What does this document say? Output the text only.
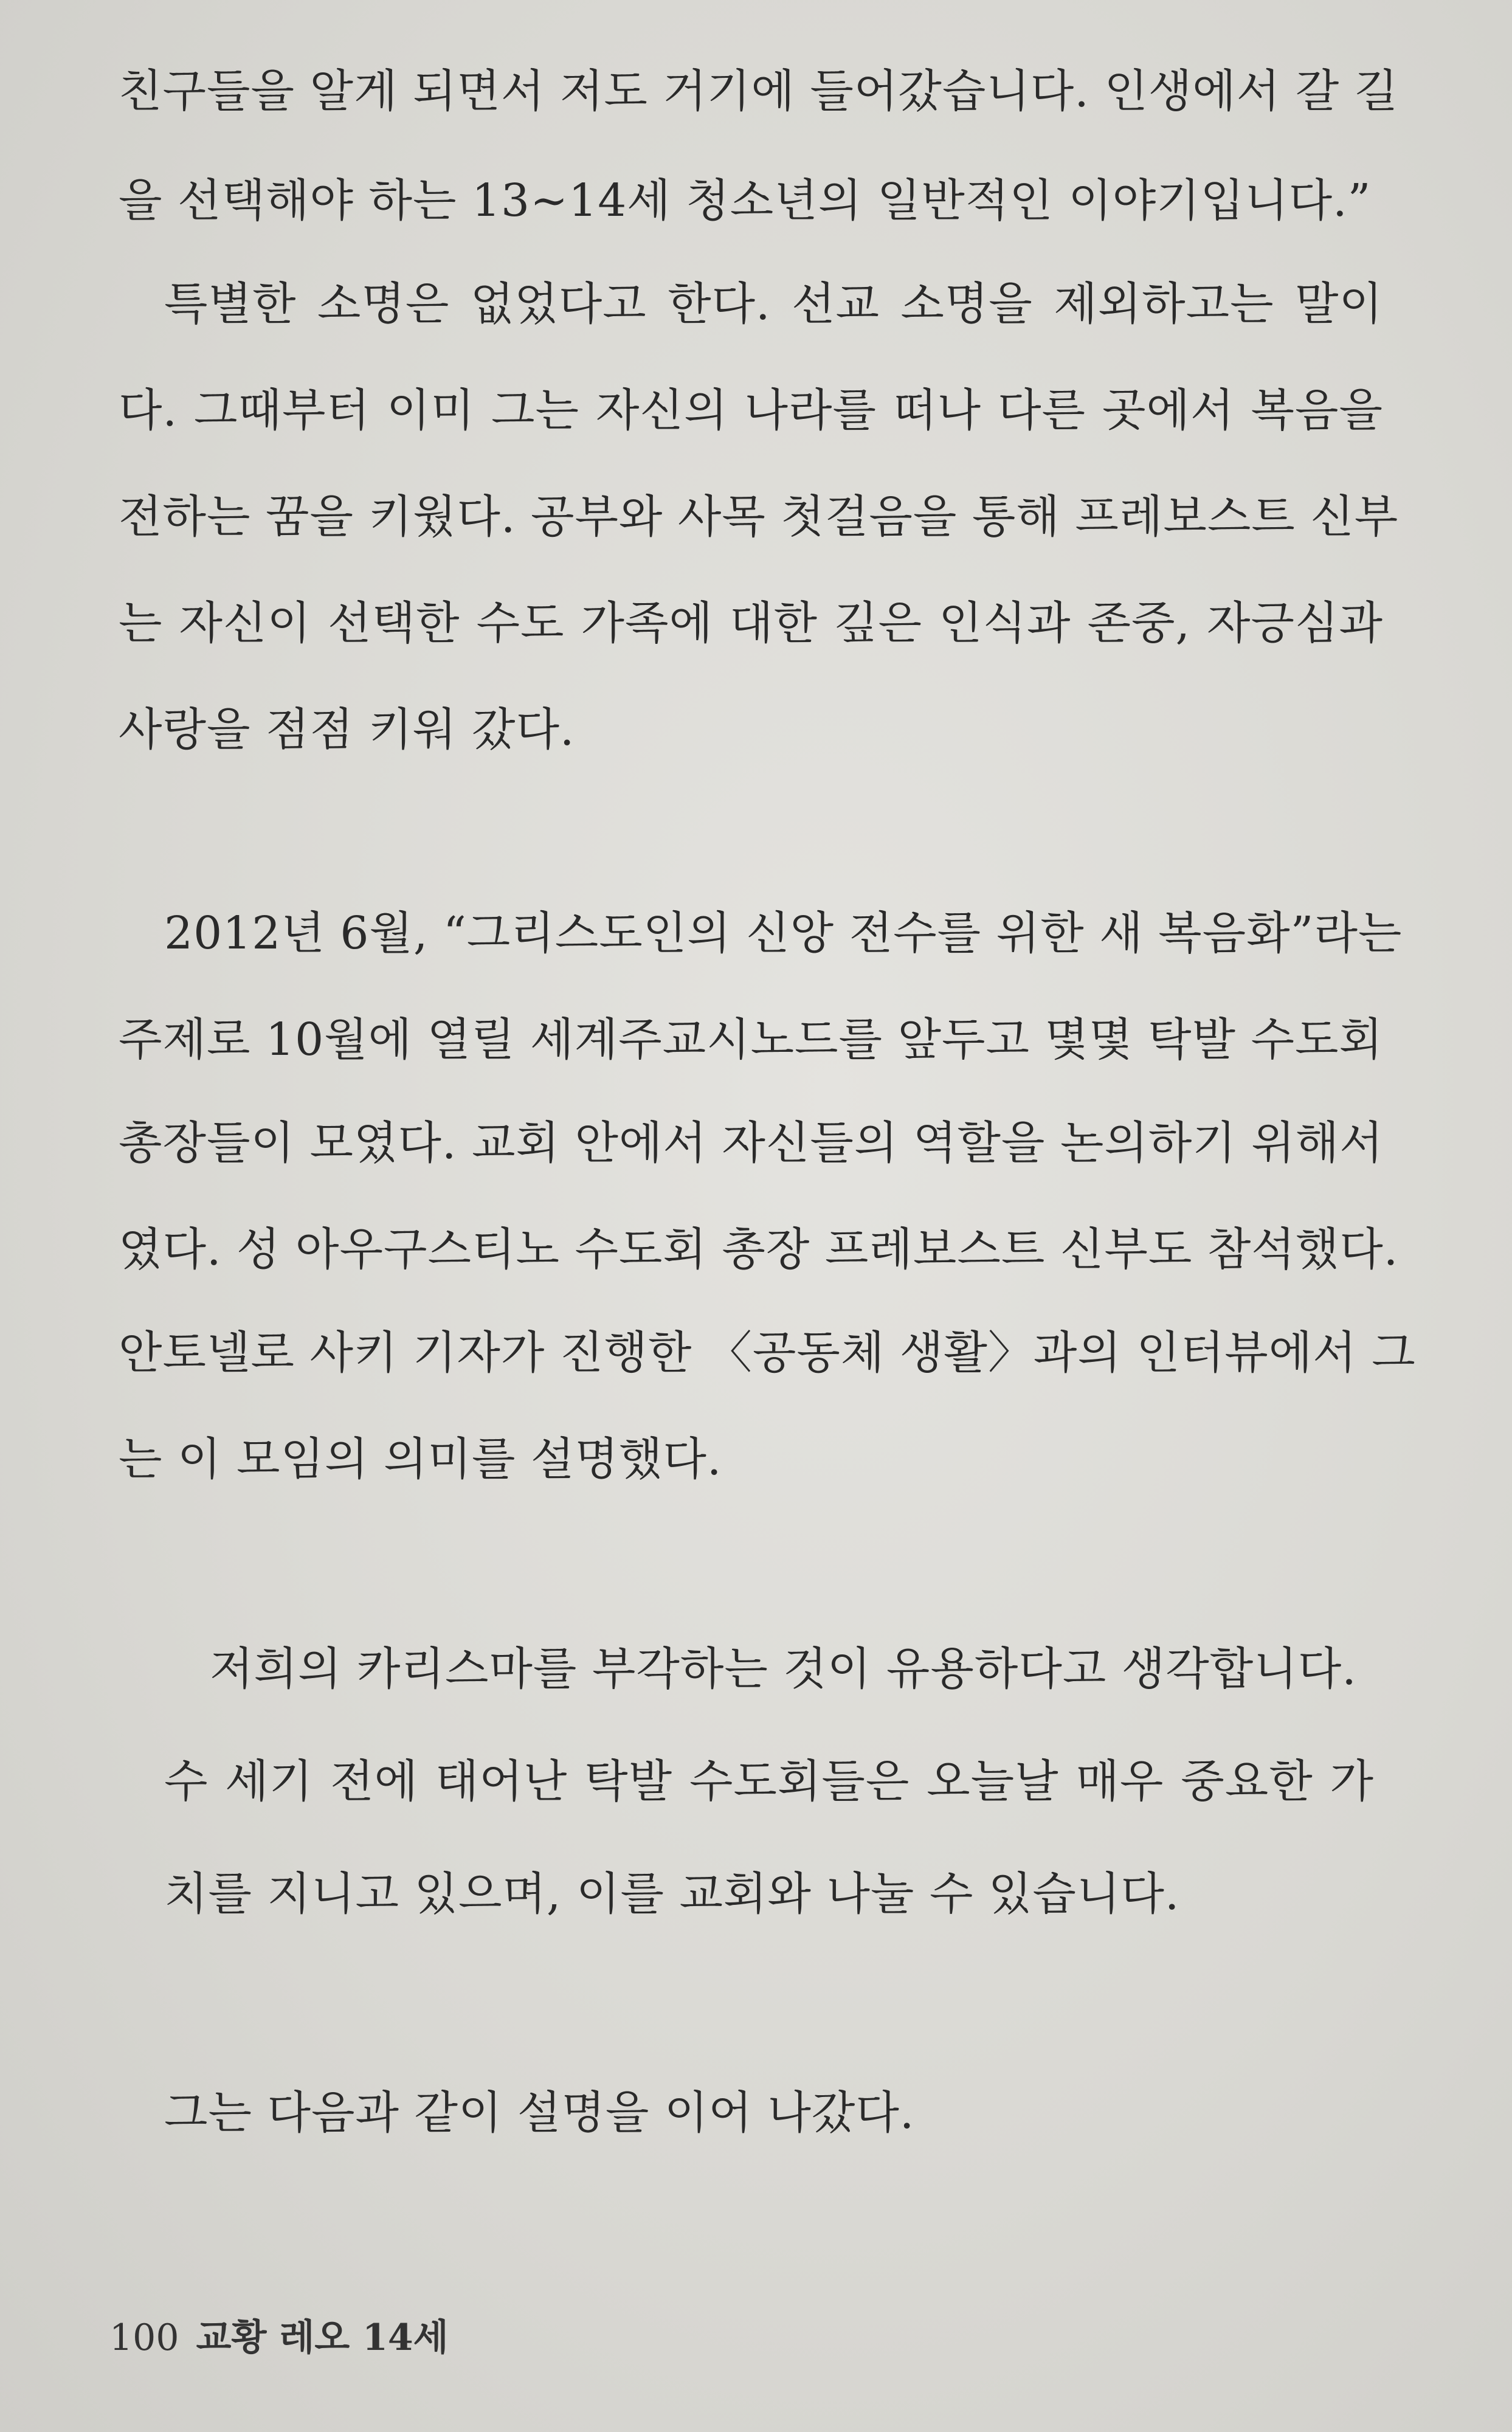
친구들을 알게 되면서 저도 거기에 들어갔습니다. 인생에서 갈 길
을 선택해야 하는 13~14세 청소년의 일반적인 이야기입니다.”
특별한 소명은 없었다고 한다. 선교 소명을 제외하고는 말이
다. 그때부터 이미 그는 자신의 나라를 떠나 다른 곳에서 복음을
전하는 꿈을 키웠다. 공부와 사목 첫걸음을 통해 프레보스트 신부
는 자신이 선택한 수도 가족에 대한 깊은 인식과 존중, 자긍심과
사랑을 점점 키워 갔다.
2012년 6월, “그리스도인의 신앙 전수를 위한 새 복음화”라는
주제로 10월에 열릴 세계주교시노드를 앞두고 몇몇 탁발 수도회
총장들이 모였다. 교회 안에서 자신들의 역할을 논의하기 위해서
였다. 성 아우구스티노 수도회 총장 프레보스트 신부도 참석했다.
안토넬로 사키 기자가 진행한 〈공동체 생활〉과의 인터뷰에서 그
는 이 모임의 의미를 설명했다.
저희의 카리스마를 부각하는 것이 유용하다고 생각합니다.
수 세기 전에 태어난 탁발 수도회들은 오늘날 매우 중요한 가
치를 지니고 있으며, 이를 교회와 나눌 수 있습니다.
그는 다음과 같이 설명을 이어 나갔다.
100 교황 레오 14세
